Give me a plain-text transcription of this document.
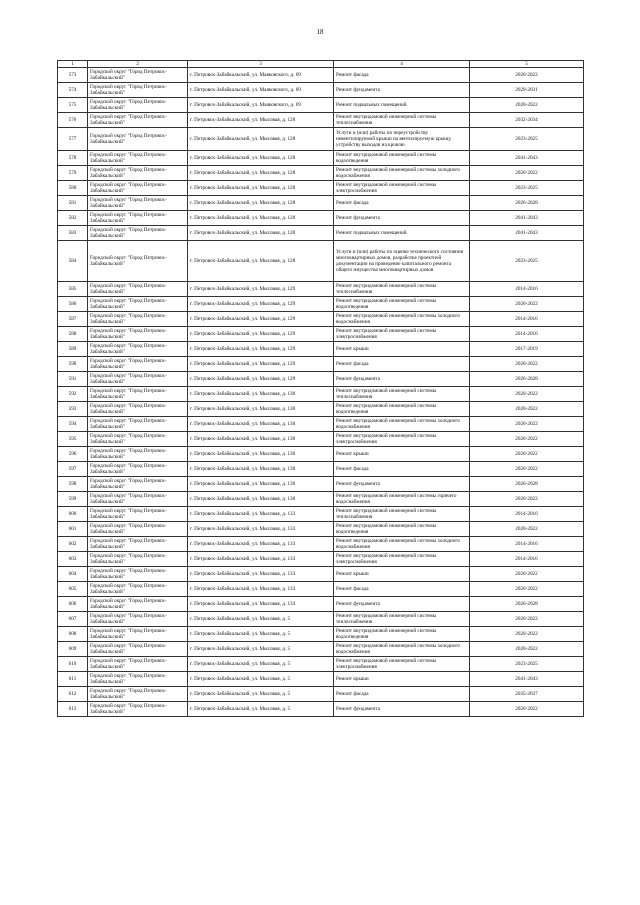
18
1	2	3	4	5
573	Городской округ "Город Петровск-Забайкальский"	г. Петровск-Забайкальский, ул. Маяковского, д. 69	Ремонт фасада	2020-2022
574	Городской округ "Город Петровск-Забайкальский"	г. Петровск-Забайкальский, ул. Маяковского, д. 69	Ремонт фундамента	2029-2031
575	Городской округ "Город Петровск-Забайкальский"	г. Петровск-Забайкальский, ул. Маяковского, д. 69	Ремонт подвальных помещений	2020-2022
576	Городской округ "Город Петровск-Забайкальский"	г. Петровск-Забайкальский, ул. Мысовая, д. 128	Ремонт внутридомовой инженерной системы теплоснабжения	2032-2034
577	Городской округ "Город Петровск-Забайкальский"	г. Петровск-Забайкальский, ул. Мысовая, д. 128	Услуги и (или) работы по переустройству невентилируемой крыши на вентилируемую крышу, устройству выходов на кровлю	2023-2025
578	Городской округ "Город Петровск-Забайкальский"	г. Петровск-Забайкальский, ул. Мысовая, д. 128	Ремонт внутридомовой инженерной системы водоотведения	2041-2043
579	Городской округ "Город Петровск-Забайкальский"	г. Петровск-Забайкальский, ул. Мысовая, д. 128	Ремонт внутридомовой инженерной системы холодного водоснабжения	2020-2022
580	Городской округ "Город Петровск-Забайкальский"	г. Петровск-Забайкальский, ул. Мысовая, д. 128	Ремонт внутридомовой инженерной системы электроснабжения	2023-2025
581	Городской округ "Город Петровск-Забайкальский"	г. Петровск-Забайкальский, ул. Мысовая, д. 128	Ремонт фасада	2026-2028
582	Городской округ "Город Петровск-Забайкальский"	г. Петровск-Забайкальский, ул. Мысовая, д. 128	Ремонт фундамента	2041-2043
583	Городской округ "Город Петровск-Забайкальский"	г. Петровск-Забайкальский, ул. Мысовая, д. 128	Ремонт подвальных помещений	2041-2043
584	Городской округ "Город Петровск-Забайкальский"	г. Петровск-Забайкальский, ул. Мысовая, д. 128	Услуги и (или) работы по оценке технического состояния многоквартирных домов, разработке проектной документации на проведение капитального ремонта общего имущества многоквартирных домов	2023-2025
585	Городской округ "Город Петровск-Забайкальский"	г. Петровск-Забайкальский, ул. Мысовая, д. 129	Ремонт внутридомовой инженерной системы теплоснабжения	2014-2016
586	Городской округ "Город Петровск-Забайкальский"	г. Петровск-Забайкальский, ул. Мысовая, д. 129	Ремонт внутридомовой инженерной системы водоотведения	2020-2022
587	Городской округ "Город Петровск-Забайкальский"	г. Петровск-Забайкальский, ул. Мысовая, д. 129	Ремонт внутридомовой инженерной системы холодного водоснабжения	2014-2016
588	Городской округ "Город Петровск-Забайкальский"	г. Петровск-Забайкальский, ул. Мысовая, д. 129	Ремонт внутридомовой инженерной системы электроснабжения	2014-2016
589	Городской округ "Город Петровск-Забайкальский"	г. Петровск-Забайкальский, ул. Мысовая, д. 129	Ремонт крыши	2017-2019
590	Городской округ "Город Петровск-Забайкальский"	г. Петровск-Забайкальский, ул. Мысовая, д. 129	Ремонт фасада	2020-2022
591	Городской округ "Город Петровск-Забайкальский"	г. Петровск-Забайкальский, ул. Мысовая, д. 129	Ремонт фундамента	2026-2028
592	Городской округ "Город Петровск-Забайкальский"	г. Петровск-Забайкальский, ул. Мысовая, д. 130	Ремонт внутридомовой инженерной системы теплоснабжения	2020-2022
593	Городской округ "Город Петровск-Забайкальский"	г. Петровск-Забайкальский, ул. Мысовая, д. 130	Ремонт внутридомовой инженерной системы водоотведения	2020-2022
594	Городской округ "Город Петровск-Забайкальский"	г. Петровск-Забайкальский, ул. Мысовая, д. 130	Ремонт внутридомовой инженерной системы холодного водоснабжения	2020-2022
595	Городской округ "Город Петровск-Забайкальский"	г. Петровск-Забайкальский, ул. Мысовая, д. 130	Ремонт внутридомовой инженерной системы электроснабжения	2020-2022
596	Городской округ "Город Петровск-Забайкальский"	г. Петровск-Забайкальский, ул. Мысовая, д. 130	Ремонт крыши	2020-2022
597	Городской округ "Город Петровск-Забайкальский"	г. Петровск-Забайкальский, ул. Мысовая, д. 130	Ремонт фасада	2020-2022
598	Городской округ "Город Петровск-Забайкальский"	г. Петровск-Забайкальский, ул. Мысовая, д. 130	Ремонт фундамента	2026-2028
599	Городской округ "Город Петровск-Забайкальский"	г. Петровск-Забайкальский, ул. Мысовая, д. 130	Ремонт внутридомовой инженерной системы горячего водоснабжения	2020-2022
600	Городской округ "Город Петровск-Забайкальский"	г. Петровск-Забайкальский, ул. Мысовая, д. 133	Ремонт внутридомовой инженерной системы теплоснабжения	2014-2016
601	Городской округ "Город Петровск-Забайкальский"	г. Петровск-Забайкальский, ул. Мысовая, д. 133	Ремонт внутридомовой инженерной системы водоотведения	2020-2022
602	Городской округ "Город Петровск-Забайкальский"	г. Петровск-Забайкальский, ул. Мысовая, д. 133	Ремонт внутридомовой инженерной системы холодного водоснабжения	2014-2016
603	Городской округ "Город Петровск-Забайкальский"	г. Петровск-Забайкальский, ул. Мысовая, д. 133	Ремонт внутридомовой инженерной системы электроснабжения	2014-2016
604	Городской округ "Город Петровск-Забайкальский"	г. Петровск-Забайкальский, ул. Мысовая, д. 133	Ремонт крыши	2020-2022
605	Городской округ "Город Петровск-Забайкальский"	г. Петровск-Забайкальский, ул. Мысовая, д. 133	Ремонт фасада	2020-2022
606	Городской округ "Город Петровск-Забайкальский"	г. Петровск-Забайкальский, ул. Мысовая, д. 133	Ремонт фундамента	2026-2028
607	Городской округ "Город Петровск-Забайкальский"	г. Петровск-Забайкальский, ул. Мысовая, д. 5	Ремонт внутридомовой инженерной системы теплоснабжения	2020-2022
608	Городской округ "Город Петровск-Забайкальский"	г. Петровск-Забайкальский, ул. Мысовая, д. 5	Ремонт внутридомовой инженерной системы водоотведения	2020-2022
609	Городской округ "Город Петровск-Забайкальский"	г. Петровск-Забайкальский, ул. Мысовая, д. 5	Ремонт внутридомовой инженерной системы холодного водоснабжения	2020-2022
610	Городской округ "Город Петровск-Забайкальский"	г. Петровск-Забайкальский, ул. Мысовая, д. 5	Ремонт внутридомовой инженерной системы электроснабжения	2023-2025
611	Городской округ "Город Петровск-Забайкальский"	г. Петровск-Забайкальский, ул. Мысовая, д. 5	Ремонт крыши	2041-2043
612	Городской округ "Город Петровск-Забайкальский"	г. Петровск-Забайкальский, ул. Мысовая, д. 5	Ремонт фасада	2035-2037
613	Городской округ "Город Петровск-Забайкальский"	г. Петровск-Забайкальский, ул. Мысовая, д. 5	Ремонт фундамента	2020-2022
